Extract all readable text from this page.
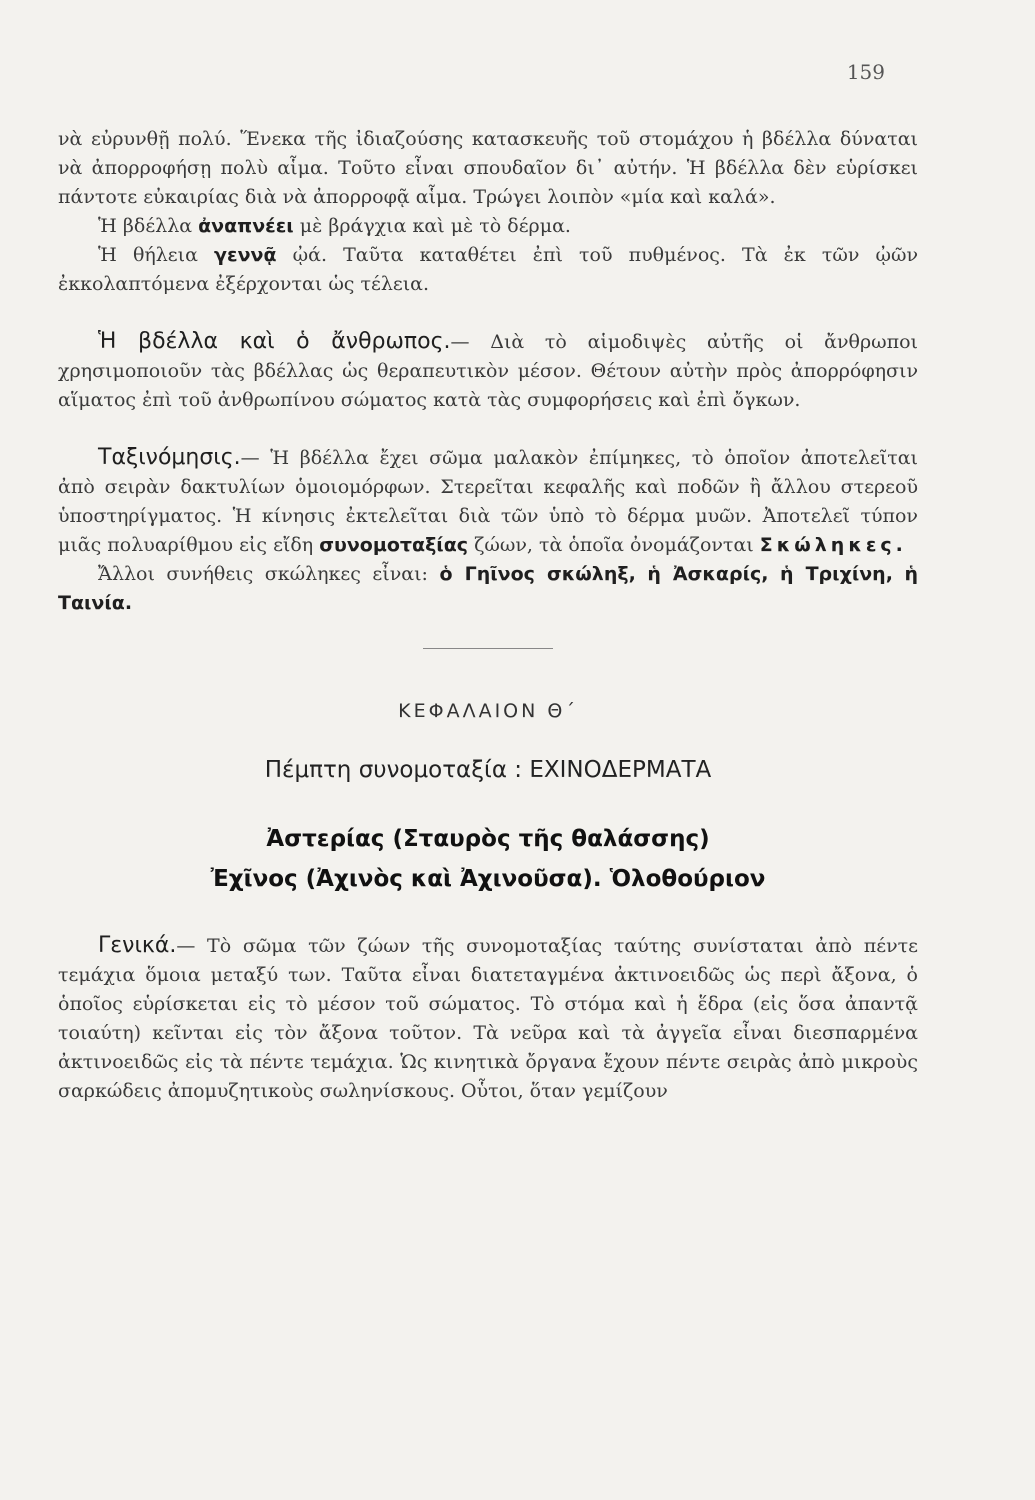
159

νὰ εὐρυνθῇ πολύ. Ἕνεκα τῆς ἰδιαζούσης κατασκευῆς τοῦ στομάχου ἡ βδέλλα δύναται νὰ ἀπορροφήσῃ πολὺ αἷμα. Τοῦτο εἶναι σπουδαῖον δι᾽ αὐτήν. Ἡ βδέλλα δὲν εὑρίσκει πάντοτε εὐκαιρίας διὰ νὰ ἀπορροφᾷ αἷμα. Τρώγει λοιπὸν «μία καὶ καλά».

Ἡ βδέλλα ἀναπνέει μὲ βράγχια καὶ μὲ τὸ δέρμα.

Ἡ θήλεια γεννᾷ ᾠά. Ταῦτα καταθέτει ἐπὶ τοῦ πυθμένος. Τὰ ἐκ τῶν ᾠῶν ἐκκολαπτόμενα ἐξέρχονται ὡς τέλεια.

Ἡ βδέλλα καὶ ὁ ἄνθρωπος.— Διὰ τὸ αἱμοδιψὲς αὐτῆς οἱ ἄνθρωποι χρησιμοποιοῦν τὰς βδέλλας ὡς θεραπευτικὸν μέσον. Θέτουν αὐτὴν πρὸς ἀπορρόφησιν αἵματος ἐπὶ τοῦ ἀνθρωπίνου σώματος κατὰ τὰς συμφορήσεις καὶ ἐπὶ ὄγκων.

Ταξινόμησις.— Ἡ βδέλλα ἔχει σῶμα μαλακὸν ἐπίμηκες, τὸ ὁποῖον ἀποτελεῖται ἀπὸ σειρὰν δακτυλίων ὁμοιομόρφων. Στερεῖται κεφαλῆς καὶ ποδῶν ἢ ἄλλου στερεοῦ ὑποστηρίγματος. Ἡ κίνησις ἐκτελεῖται διὰ τῶν ὑπὸ τὸ δέρμα μυῶν. Ἀποτελεῖ τύπον μιᾶς πολυαρίθμου εἰς εἴδη συνομοταξίας ζώων, τὰ ὁποῖα ὀνομάζονται Σκώληκες.

Ἄλλοι συνήθεις σκώληκες εἶναι: ὁ Γηῖνος σκώληξ, ἡ Ἀσκαρίς, ἡ Τριχίνη, ἡ Ταινία.

ΚΕΦΑΛΑΙΟΝ Θ΄
Πέμπτη συνομοταξία : ΕΧΙΝΟΔΕΡΜΑΤΑ
Ἀστερίας (Σταυρὸς τῆς θαλάσσης)
Ἐχῖνος (Ἀχινὸς καὶ Ἀχινοῦσα). Ὁλοθούριον

Γενικά.— Τὸ σῶμα τῶν ζώων τῆς συνομοταξίας ταύτης συνίσταται ἀπὸ πέντε τεμάχια ὅμοια μεταξύ των. Ταῦτα εἶναι διατεταγμένα ἀκτινοειδῶς ὡς περὶ ἄξονα, ὁ ὁποῖος εὑρίσκεται εἰς τὸ μέσον τοῦ σώματος. Τὸ στόμα καὶ ἡ ἕδρα (εἰς ὅσα ἀπαντᾷ τοιαύτη) κεῖνται εἰς τὸν ἄξονα τοῦτον. Τὰ νεῦρα καὶ τὰ ἀγγεῖα εἶναι διεσπαρμένα ἀκτινοειδῶς εἰς τὰ πέντε τεμάχια. Ὡς κινητικὰ ὄργανα ἔχουν πέντε σειρὰς ἀπὸ μικροὺς σαρκώδεις ἀπομυζητικοὺς σωληνίσκους. Οὗτοι, ὅταν γεμίζουν
